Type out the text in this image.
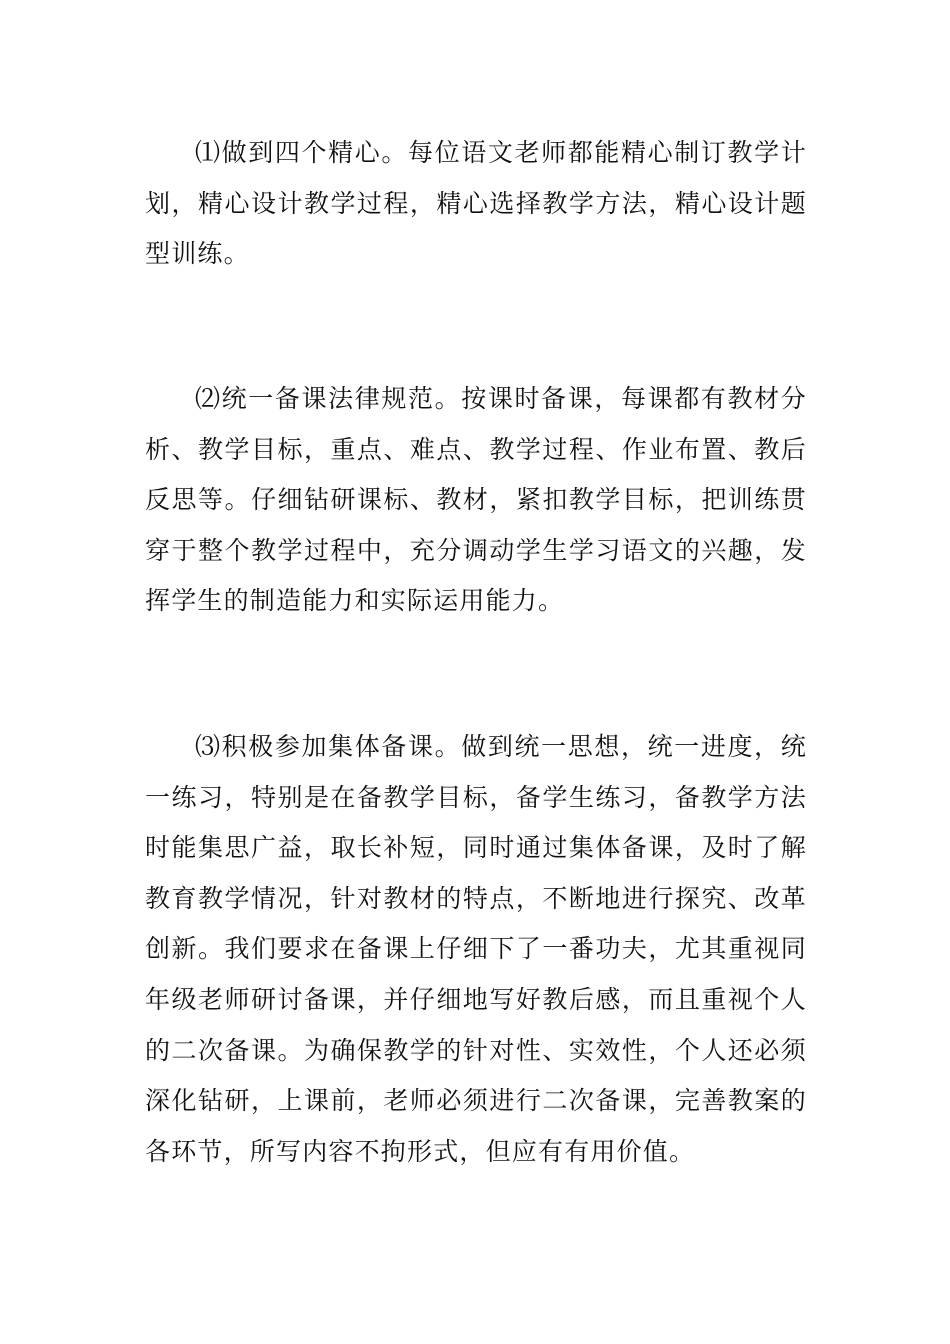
⑴做到四个精心。每位语文老师都能精心制订教学计划，精心设计教学过程，精心选择教学方法，精心设计题型训练。

⑵统一备课法律规范。按课时备课，每课都有教材分析、教学目标，重点、难点、教学过程、作业布置、教后反思等。仔细钻研课标、教材，紧扣教学目标，把训练贯穿于整个教学过程中，充分调动学生学习语文的兴趣，发挥学生的制造能力和实际运用能力。

⑶积极参加集体备课。做到统一思想，统一进度，统一练习，特别是在备教学目标，备学生练习，备教学方法时能集思广益，取长补短，同时通过集体备课，及时了解教育教学情况，针对教材的特点，不断地进行探究、改革创新。我们要求在备课上仔细下了一番功夫，尤其重视同年级老师研讨备课，并仔细地写好教后感，而且重视个人的二次备课。为确保教学的针对性、实效性，个人还必须深化钻研，上课前，老师必须进行二次备课，完善教案的各环节，所写内容不拘形式，但应有有用价值。
